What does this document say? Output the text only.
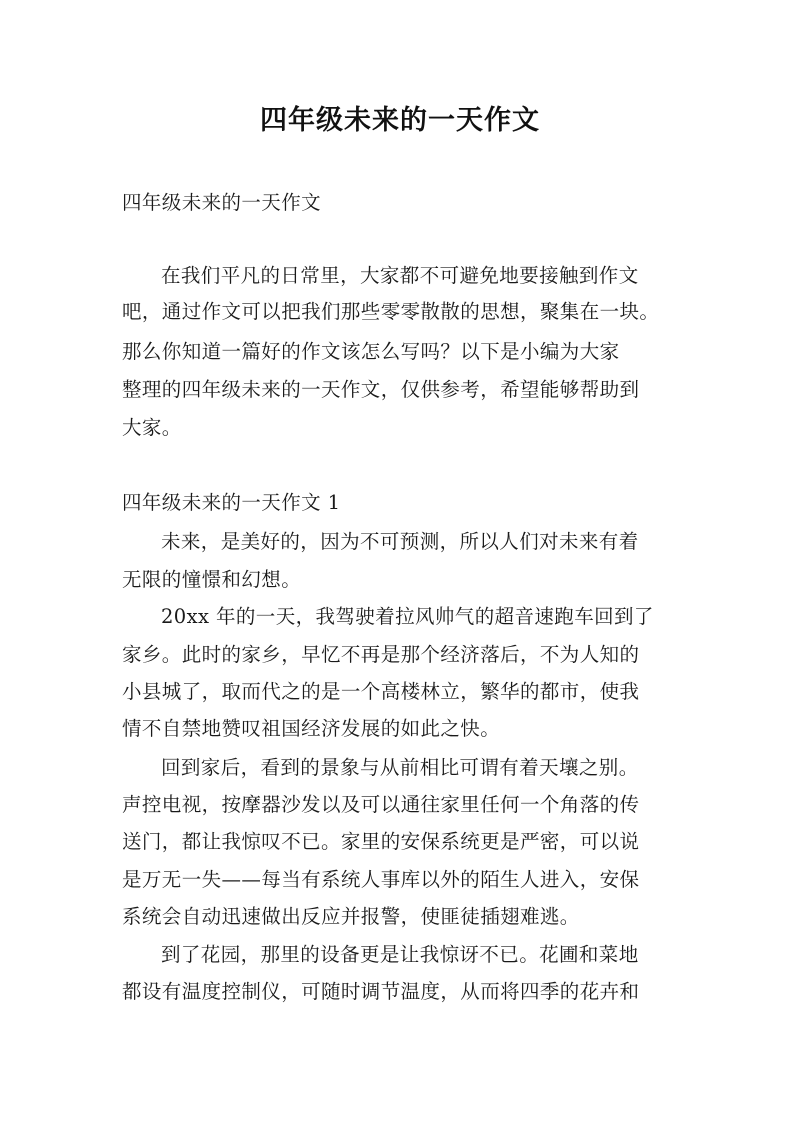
四年级未来的一天作文
四年级未来的一天作文
在我们平凡的日常里，大家都不可避免地要接触到作文
吧，通过作文可以把我们那些零零散散的思想，聚集在一块。
那么你知道一篇好的作文该怎么写吗？以下是小编为大家
整理的四年级未来的一天作文，仅供参考，希望能够帮助到
大家。
四年级未来的一天作文 1
未来，是美好的，因为不可预测，所以人们对未来有着
无限的憧憬和幻想。
20xx 年的一天，我驾驶着拉风帅气的超音速跑车回到了
家乡。此时的家乡，早忆不再是那个经济落后，不为人知的
小县城了，取而代之的是一个高楼林立，繁华的都市，使我
情不自禁地赞叹祖国经济发展的如此之快。
回到家后，看到的景象与从前相比可谓有着天壤之别。
声控电视，按摩器沙发以及可以通往家里任何一个角落的传
送门，都让我惊叹不已。家里的安保系统更是严密，可以说
是万无一失——每当有系统人事库以外的陌生人进入，安保
系统会自动迅速做出反应并报警，使匪徒插翅难逃。
到了花园，那里的设备更是让我惊讶不已。花圃和菜地
都设有温度控制仪，可随时调节温度，从而将四季的花卉和
